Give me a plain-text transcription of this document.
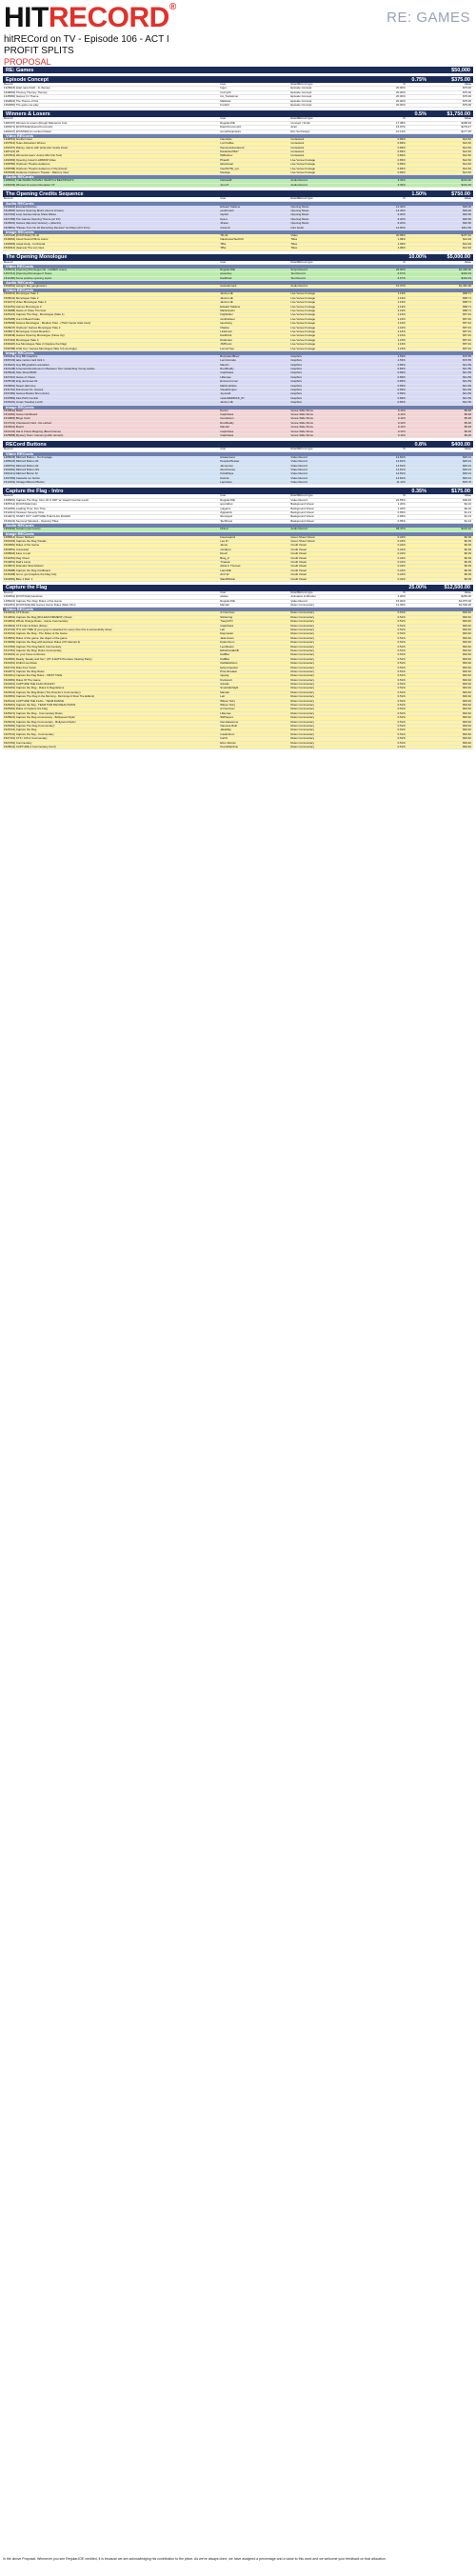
HITRECORD®
RE: GAMES
hitRECord on TV - Episode 106 - ACT I
PROFIT SPLITS
PROPOSAL
RE: Games	$50,000
Episode Concept	0.75%	$375.00
Record	User	Role/RECord type	%	Value
1328416] [start race finish - fo themes	Inger	Episode Concept	20.00%	$75.00
1338263] Themey Themey Themey	Cozzy23	Episode Concept	20.00%	$75.00
1345950] Games I'm Theme	imi_Toolwinner	Episode Concept	20.00%	$75.00
1392822] The Theme of this	Mallowie	Episode Concept	20.00%	$75.00
1392960] The game we play	FreSoft	Episode Concept	20.00%	$75.00
Winners & Losers	0.5%	$1,750.00
Record	User	Role/RECord type	%	Value
1481337] Winners & Losers (Rough Reference Cut)	RegularJOE	Concept / Script	17.08%	$298.93
1483371] [FOOTAGE] David Krummohz	David Krummohz	Actor	15.97%	$279.47
1484447] [POSTER] An excited drawer	somethinginspire	Rec Set Design	10.13%	$177.25
Video RECords
1448761] Another loser	Inés Reis	Contestant	0.83%	$14.52
1457516] Team distraction Winner	Luzi Kaffee	Contestant	0.83%	$14.52
1451607] Rainey, dance with pride (but mostly loser)	thememistresskend	Contestant	0.83%	$14.52
1487121] Wi	Dandelion5817	Contestant	0.83%	$14.52
1457816] Winners/Losers: Anime Mix! (No Text)	Wiffrebrov	Contestant	0.83%	$14.52
1493369] Opening crowd in ARMOR Video	PhauDi	Live Venue Footage	0.83%	$14.52
1468780] Orpheum Theatre Audience	lebelvisual	Live Venue Footage	0.83%	$14.52
1468788] Orpheum Theatre Audience 2 Clip (Fixed)	InterNOTE_Lyn	Live Venue Footage	0.83%	$14.52
1505368] Audience Orpheum Theater - Balcony View	Nandigu	Live Venue Footage	0.83%	$14.52
Audio RECords
1488464] THE WARM WOMAN: WANTS A BEATWOATS	hetheadZ	Audio Record	3.34%	$161.20
1496439] Winners & Losers Remaster V2	Jono P.	Audio Record	3.34%	$161.20
The Opening Credits Sequence	1.50%	$750.00
Record	User	Role/RECord type	%	Value
Audio RECords
1510418] Emerald Witches	Edward Stallone	Opening Music	12.40%	$93.00
1522865] Games Opening Music (drums & bass)	yesilirmanli	Opening Music	12.40%	$93.00
1527402] Loop Games Game Show Ditties	zaphid	Opening Music	6.20%	$46.50
1527458] The Games Opening Theme (w/ FX)	Kpa.a	Opening Music	6.20%	$46.50
1526931] Games (Hip-Hop Version) + (Electro)	Jfraser	Opening Music	6.20%	$46.50
1526861] *Please Turn On All Recording Devices* w/ Fifteen (FX Intro)	CanonA	Intro Audio	14.60%	$111.56
Image RECords
1497228] [FOOTAGE] TD-42	TD-42	Video	20.99%	$157.40
1548454] Cloud Sound f/films colors	hakuinusuzhezilizzi	Titles	1.99%	$14.94
1493993] visual study - horizontal	Tiffie	Titles	1.99%	$14.94
1534312] (Games) The sun rises	Tiffie	Titles	1.99%	$14.94
The Opening Monologue	10.00%	$5,000.00
Record	User	Role/RECord type	%	Value
Video RECords
1495031] [Opening Monologue I/E : GAMES notes]	RegularJOE	Script Record	26.00%	$1,300.00
1497413] [Opening Monologue II Notes	spaceboy	Text Record	6.67%	$333.33
1511282] Some positive opening topics	DarkPark	Text Record	6.67%	$333.33
Audio RECords
1502091] swingin' like gangbusters	lostsolarmark	Audio Record	16.37%	$1,381.38
Video RECords
1504031] Monologue Take 1	Janice LIE	Live Venue Footage	1.19%	$58.71
1506041] Monologue Take 2	Janice LIE	Live Venue Footage	1.19%	$58.71
1511071] Video Monologue Take 3	Janice LIE	Live Venue Footage	1.19%	$58.71
1511251] Games Monologue 4	Edward Stallone	Live Venue Footage	1.19%	$58.71
1518488] Game of Video The best	Maihutlyubn	Live Venue Footage	1.19%	$58.71
1525121] Capture The Flag - Monologue (Take 1)	brightbiker	Live Venue Footage	1.16%	$57.91
1525458] Joe's Fifteenth take	zenithwheel	Live Venue Footage	1.16%	$57.91
1525658] Games Monologue - Medium Shot - (Third Center Aisle Cam)	lopehuing	Live Venue Footage	1.16%	$57.91
1526047] Orpheum Games Monologue Take 2	Ithaska	Live Venue Footage	1.16%	$57.91
1528217] Monologue Crowd Reaction	Linkdmstr	Live Venue Footage	1.16%	$57.91
1533048] Games Opening Monologue (Close Up)	DarkPark	Live Venue Footage	1.16%	$57.91
1537402] Monologue Take 4	Drakmare	Live Venue Footage	1.16%	$57.91
1539118] Joe Monologue Take 2 (Capture the Flag)	JSPhenix	Live Venue Footage	1.16%	$57.91
1539788] LIVE Joe / Games Monologue Take 5 (Low Angle)	LemonTree	Live Venue Footage	1.16%	$57.91
Image RECords
1504412] Guy Bill Graphics	BodyHandBrew	Graphics	1.53%	$76.55
1506729] take motion card trick 1	Lemmicnode	Graphics	1.53%	$76.55
1516431] Guy Bill graphics animation	Manzin	Graphics	0.83%	$41.59
1521448] A General Excitement in Between Two Upstanding Young Ladies	RumBuddy	Graphics	0.83%	$41.59
1526944] Side Show BIND	CaptClaws	Graphics	0.83%	$41.59
1527410] Game of Chess	Lilliemae	Graphics	0.83%	$41.59
1528749] king dominoes #1	Emma Cromer	Graphics	0.83%	$41.59
1529091] Sweet Harmony	Mahimuthlelo	Graphics	0.83%	$41.59
1531761] Dominoes No. Games	VisualJumper	Graphics	0.83%	$41.59
1537482] Games Bucket Shot (Anim)	JoyceAlt	Graphics	0.83%	$41.59
1537882] Fast Pitch Central	newinDERRICK_8Y	Graphics	0.83%	$41.59
1539101] Jonas Tuesday Lunch	Janice LIE	Graphics	0.83%	$41.59
Image RECords
1510540] Mask	Domin	Venue Slide Show	0.11%	$5.48
1513481] Game Cardboard	CaptClaws	Venue Slide Show	0.11%	$5.48
1513866] Bingo Card	Goodarson	Venue Slide Show	0.11%	$5.48
1517341] Checkered Card - Re-carbed	RumBuddy	Venue Slide Show	0.11%	$5.48
1520001] Board	Mandel	Venue Slide Show	0.11%	$5.48
1522142] Hat & Chess Mapping (Board Game)	CaptClaws	Venue Slide Show	0.11%	$5.48
1525958] Mystery Team: Games (public domain)	CaptClaws	Venue Slide Show	0.11%	$5.48
RECord Buttons	0.8%	$400.00
Record	User	Role/RECord type	%	Value
Video RECords
1486945] RECord Button - Ten Footage	tinkaamvest	Video Record	14.81%	$45.01
1488123] RECord Button #3	PeoplesPleaser	Video Record	14.81%	$45.01
1489751] RECord Button #2	Jarnemaxi	Video Record	14.81%	$45.01
1500281] RECord Button NS	ZeroClosure	Video Record	14.81%	$45.01
1501411] RECord Button Nr	KicksPlays	Video Record	14.81%	$45.01
1497469] Cassette rec button	Kamira	Video Record	14.81%	$45.01
1512301] Vintage RECord Button	Lepcsiere	Video Record	11.11%	$33.76
Capture the Flag - Intro	0.35%	$175.00
Record	User	Role/RECord type	%	Value
1495691] Capture The Flag: Intro: DI S ODT w/ Joseph Gordon-Levitt	RegularJOE	Video Record	22.55%	$39.46
1505714] [FOOTAGE] Intro	sputnikbot	Background Visual	1.20%	$2.10
1512281] Loading Time: Fun Time	ryagams	Background Visual	1.20%	$2.10
1512411] Nineteen Seventy Nine	Zgtpatrick	Background Visual	0.65%	$1.13
1513071] START OUT: CAPTURE THE FLAG RULES!	ithemtgod	Background Visual	0.65%	$1.13
1516441] Seymour Monsteri - Opening Titles	TechKrew	Background Visual	0.65%	$1.13
Audio RECords
1502940] Sustain (spin boost)	bfrand	Audio Record	58.47%	$102.32
Image RECords
1496514] Green Stickers	breezeaaind	Green Sheet Visual	0.22%	$0.39
1500104] Capture the Flag Visuals	Lee ZI	Green Sheet Visual	0.22%	$0.39
1503981] Rules of the Game	Jamie	Credit Visual	0.22%	$0.39
1503851] Contested	mindlynx	Credit Visual	0.22%	$0.39
1508902] Face to Lair	DrexF	Credit Visual	0.22%	$0.39
1511651] Flag Chest	Brag_Z	Credit Visual	0.22%	$0.39
1514831] Dad's Lamp	Tmasek	Credit Visual	0.22%	$0.39
1515847] Dramatic Slow Motion!	Alicia F. Thomas	Credit Visual	0.22%	$0.39
1515988] Capture the Flag Cardboard	LarenDE	Credit Visual	0.22%	$0.39
1516498] Go to: get (Capture the Flag Out)	Arrrt W	Credit Visual	0.22%	$0.39
1522081] Blue 1 Red: 1	SlackWinkle	Credit Visual	0.22%	$0.39
Capture the Flag	25.00%	$12,500.00
Record	User	Role/RECord type	%	Value
1493661] [FOOTAGE] teleshow	wisiwe	Animation & Wonder	2.00%	$250.00
1495221] Capture The Flag: Rules of the Game	RegularJOE	Video Record	15.00%	$1,875.00
1502261] [FOOTAGE] RE:Games Game Rules (Main Film)	Mandel	Rules Commentary	12.05%	$1,506.25
Video RECords
1510341] CTF Rules	AJ Guzman	Rules Commentary	0.51%	$63.62
1510661] Capture the Flag (RULES/COMMENT) (Slow)	Stinkuring	Rules Commentary	0.51%	$63.62
1510661] Whole Orange Rules - Game Commentary	TracyGTO	Rules Commentary	0.51%	$63.62
1513924] CTF Intro & Rules (Rose)	CaptClaws	Rules Commentary	0.51%	$63.62
1514702] IT'S GO-TIME (if your guys is awarded for every time this is successfully done)	Lelt	Rules Commentary	0.51%	$63.62
1515101] Capture the Flag - The Rules of the Game	Daymaster	Rules Commentary	0.51%	$63.62
1516551] Rules of the game: the object of the game	Jade Kwan	Rules Commentary	0.51%	$63.62
1516682] Capture the Flag with Harrison Rules (VO Attempt 2)	Dylan Dunn	Rules Commentary	0.51%	$63.62
1517081] Capture The Flag Mock Commentary	LeonEvans	Rules Commentary	0.51%	$63.62
1517451] Capture the Flag: Rules Commentary	EWolfmanEGB	Rules Commentary	0.51%	$63.62
1519161] on your home territories	KattBat	Rules Commentary	0.51%	$63.62
1520581] Ready, Steady and Set ! (OT & EATS Premiere Viewing Party)	KattBat	Rules Commentary	0.51%	$63.62
1521661] Inhibit Live Rules	theMalaVision	Rules Commentary	0.51%	$63.62
1521721] Rule Four Vocal	kellymcquarter	Rules Commentary	0.51%	$63.62
1522071] Capture the Flag Rules	Prisonbreaker	Rules Commentary	0.51%	$63.62
1522411] Capture the Flag Rules - FIRST TAKE	iqupsig	Rules Commentary	0.51%	$63.62
1523081] Rules Of The Game	Krebscart	Rules Commentary	0.51%	$63.62
1523401] CAPTURE THE FLAG RULES!!	Avirelle	Rules Commentary	0.51%	$63.62
1524261] Capture the Flag - Rules & Regulations	SmartAlicNight	Rules Commentary	0.51%	$63.62
1524541] Capture the Flag Rules (The Director's Commentary)	Mandel	Rules Commentary	0.51%	$63.62
1524561] Capture The Flag in the Morning - Mornings & Slow The Editors)	Lelt	Rules Commentary	0.51%	$63.62
1525141] CAPTURE THE FLAG - TEAM DANCE	Wilson Tarry	Rules Commentary	0.51%	$63.62
1525261] Capture the flag - TEAM TOM PAN REACTIONS	Wilson Tarry	Rules Commentary	0.51%	$63.62
1525391] Rules of Capture the Flag	AJ Guzman	Rules Commentary	0.51%	$63.62
1525471] Capture the Flag - Commentary Rules	Lilliemae	Rules Commentary	0.51%	$63.62
1525621] Capture the Flag commentary - Bollywood Style!	SNPlayers	Rules Commentary	0.51%	$63.62
1526241] Capture the Flag Commentary - Bollywood Style!	thecolelaurene	Rules Commentary	0.51%	$63.62
1526481] Capture The Flag Commentary!	Vanessa Ruth	Rules Commentary	0.51%	$63.62
1526721] Capture the Flag	JakeMay	Rules Commentary	0.51%	$63.62
1527041] Capture the flag - Commentary	rosalindrum	Rules Commentary	0.51%	$63.62
1527161] CTF / CIS-4 Commentary	hurtzil	Rules Commentary	0.51%	$63.62
1527251] Commentary	Elmo Warren	Rules Commentary	0.51%	$63.62
1528041] CAPTURE 4 Commentary (Cerf)	KevinMaricline	Rules Commentary	0.51%	$63.62
In the above Proposal: Whenever you see RegularJOE credited, it is because we are acknowledging his contribution to the piece. As we've always done, we have assigned a percentage and a value to this work and we welcome your feedback on that allocation.
